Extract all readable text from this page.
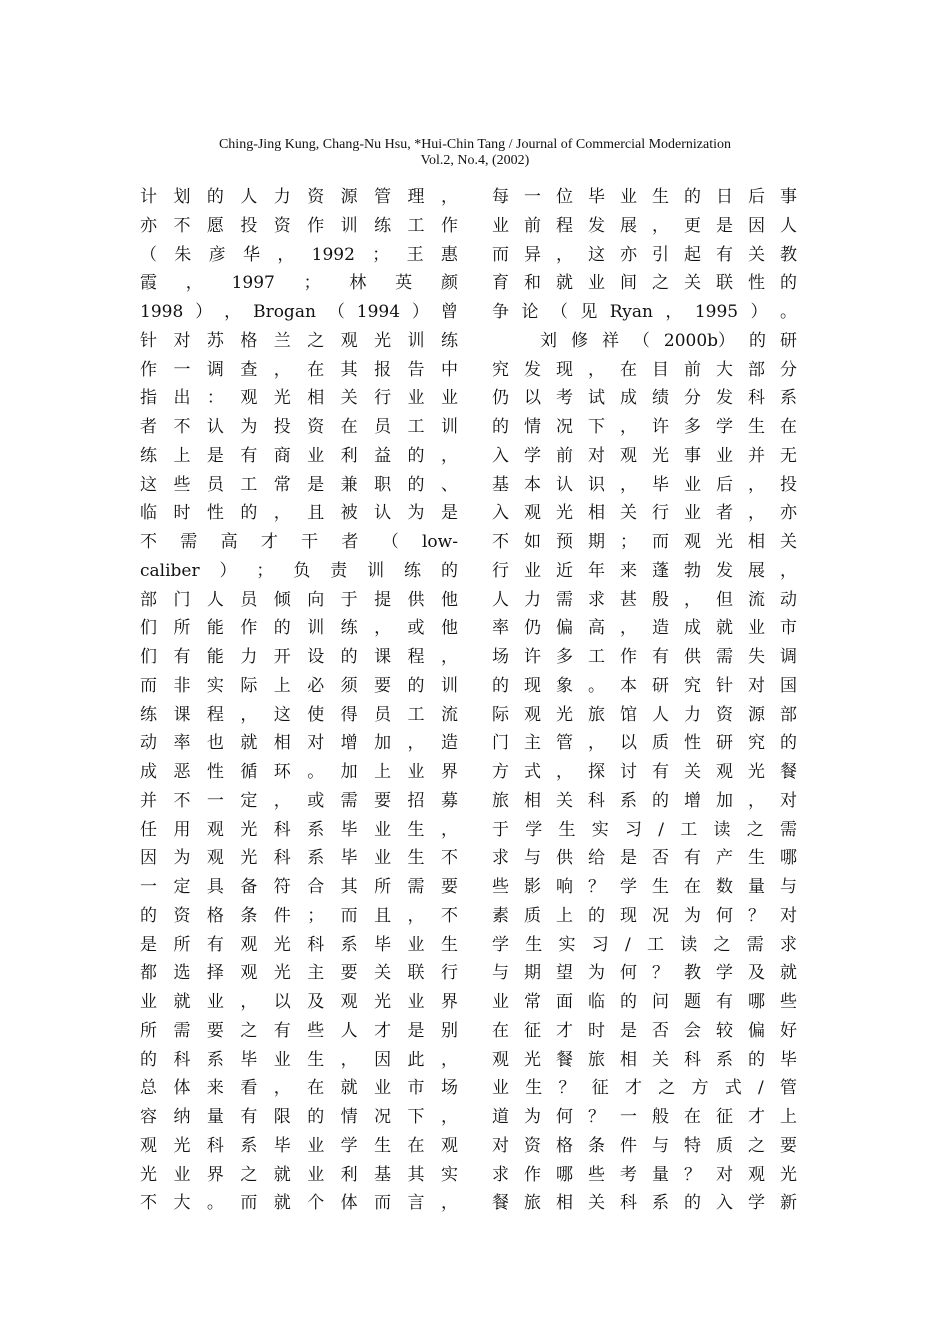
Ching-Jing Kung, Chang-Nu Hsu, *Hui-Chin Tang / Journal of Commercial Modernization
Vol.2, No.4, (2002)
计 划 的 人 力 资 源 管 理 ，
亦 不 愿 投 资 作 训 练 工 作
（ 朱 彦 华 ， 1992 ； 王 惠
霞 ， 1997 ； 林 英 颜
1998 ） ， Brogan （ 1994 ） 曾
针 对 苏 格 兰 之 观 光 训 练
作 一 调 查 ， 在 其 报 告 中
指 出 ： 观 光 相 关 行 业 业
者 不 认 为 投 资 在 员 工 训
练 上 是 有 商 业 利 益 的 ，
这 些 员 工 常 是 兼 职 的 、
临 时 性 的 ， 且 被 认 为 是
不 需 高 才 干 者 （ low-
caliber ） ； 负 责 训 练 的
部 门 人 员 倾 向 于 提 供 他
们 所 能 作 的 训 练 ， 或 他
们 有 能 力 开 设 的 课 程 ，
而 非 实 际 上 必 须 要 的 训
练 课 程 ， 这 使 得 员 工 流
动 率 也 就 相 对 增 加 ， 造
成 恶 性 循 环 。 加 上 业 界
并 不 一 定 ， 或 需 要 招 募
任 用 观 光 科 系 毕 业 生 ，
因 为 观 光 科 系 毕 业 生 不
一 定 具 备 符 合 其 所 需 要
的 资 格 条 件 ； 而 且 ， 不
是 所 有 观 光 科 系 毕 业 生
都 选 择 观 光 主 要 关 联 行
业 就 业 ， 以 及 观 光 业 界
所 需 要 之 有 些 人 才 是 别
的 科 系 毕 业 生 ， 因 此 ，
总 体 来 看 ， 在 就 业 市 场
容 纳 量 有 限 的 情 况 下 ，
观 光 科 系 毕 业 学 生 在 观
光 业 界 之 就 业 利 基 其 实
不 大 。 而 就 个 体 而 言 ，
每 一 位 毕 业 生 的 日 后 事
业 前 程 发 展 ， 更 是 因 人
而 异 ， 这 亦 引 起 有 关 教
育 和 就 业 间 之 关 联 性 的
争 论 （ 见 Ryan ， 1995 ） 。
刘 修 祥 （ 2000b） 的 研
究 发 现 ， 在 目 前 大 部 分
仍 以 考 试 成 绩 分 发 科 系
的 情 况 下 ， 许 多 学 生 在
入 学 前 对 观 光 事 业 并 无
基 本 认 识 ， 毕 业 后 ， 投
入 观 光 相 关 行 业 者 ， 亦
不 如 预 期 ； 而 观 光 相 关
行 业 近 年 来 蓬 勃 发 展 ，
人 力 需 求 甚 殷 ， 但 流 动
率 仍 偏 高 ， 造 成 就 业 市
场 许 多 工 作 有 供 需 失 调
的 现 象 。 本 研 究 针 对 国
际 观 光 旅 馆 人 力 资 源 部
门 主 管 ， 以 质 性 研 究 的
方 式 ， 探 讨 有 关 观 光 餐
旅 相 关 科 系 的 增 加 ， 对
于 学 生 实 习 / 工 读 之 需
求 与 供 给 是 否 有 产 生 哪
些 影 响 ？ 学 生 在 数 量 与
素 质 上 的 现 况 为 何 ？ 对
学 生 实 习 / 工 读 之 需 求
与 期 望 为 何 ？ 教 学 及 就
业 常 面 临 的 问 题 有 哪 些
在 征 才 时 是 否 会 较 偏 好
观 光 餐 旅 相 关 科 系 的 毕
业 生 ？ 征 才 之 方 式 / 管
道 为 何 ？ 一 般 在 征 才 上
对 资 格 条 件 与 特 质 之 要
求 作 哪 些 考 量 ？ 对 观 光
餐 旅 相 关 科 系 的 入 学 新
